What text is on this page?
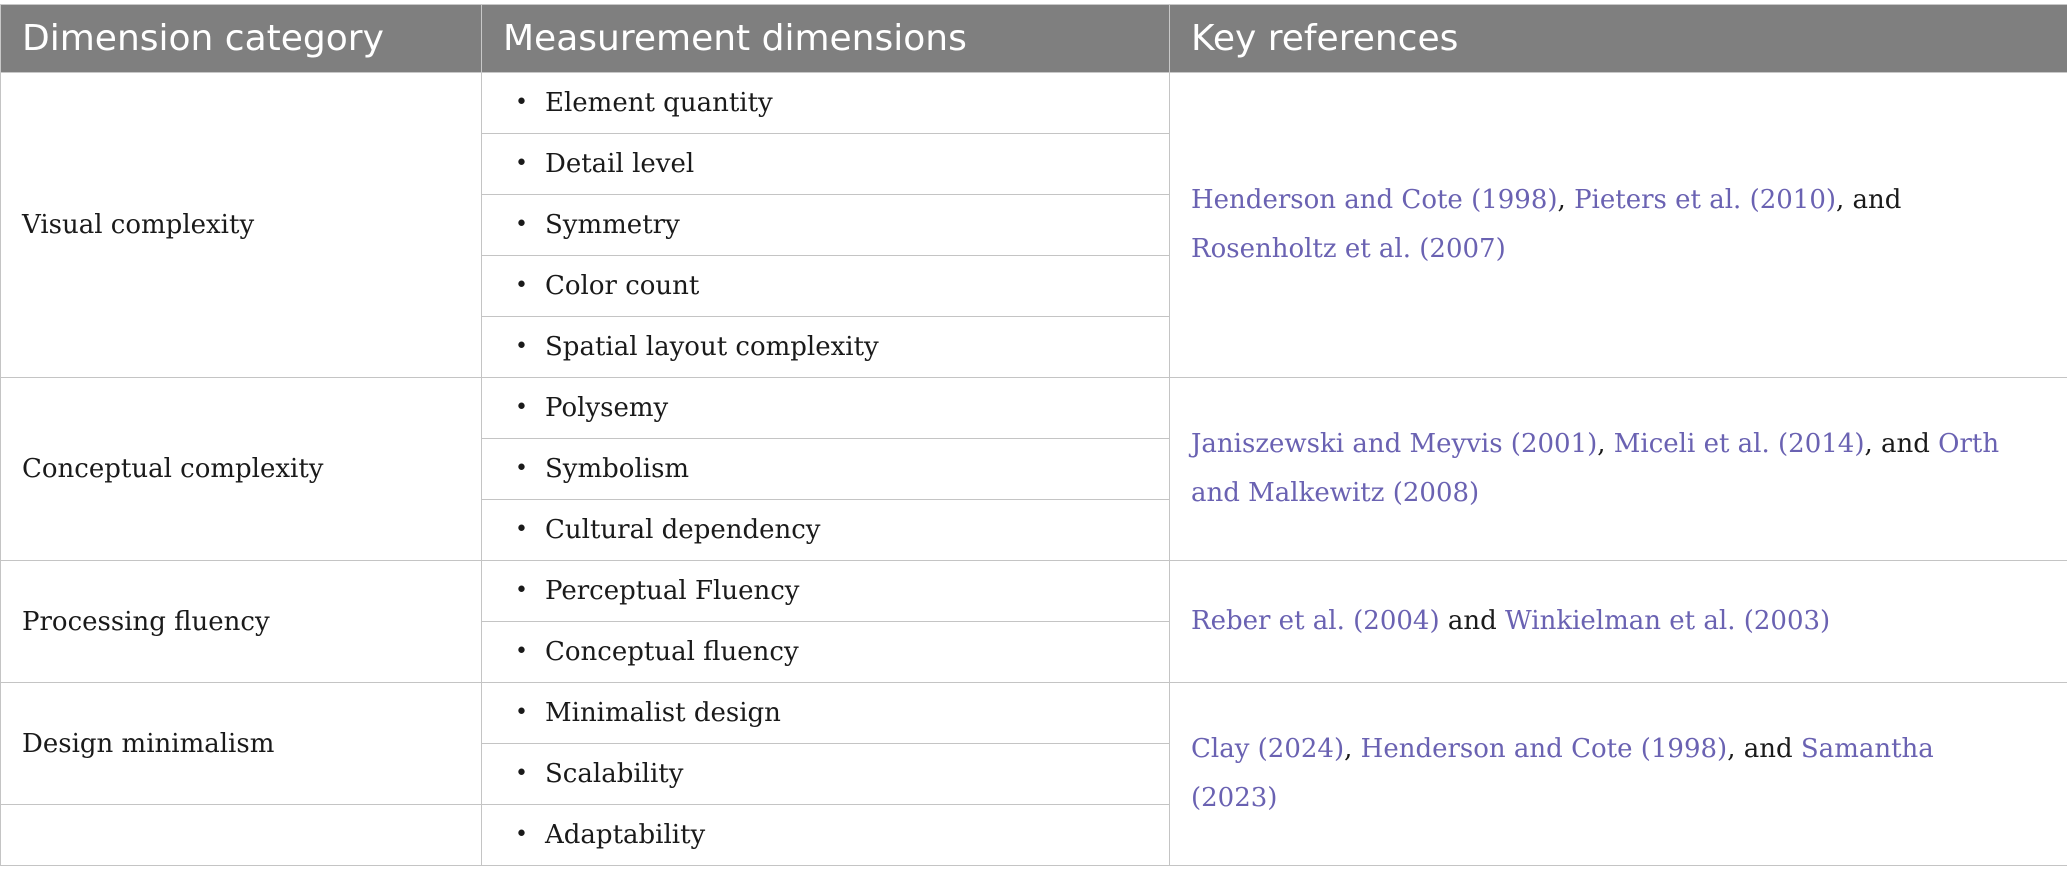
Dimension category	Measurement dimensions	Key references
Visual complexity	• Element quantity	Henderson and Cote (1998), Pieters et al. (2010), and Rosenholtz et al. (2007)
	• Detail level	
	• Symmetry	
	• Color count	
	• Spatial layout complexity	
Conceptual complexity	• Polysemy	Janiszewski and Meyvis (2001), Miceli et al. (2014), and Orth and Malkewitz (2008)
	• Symbolism	
	• Cultural dependency	
Processing fluency	• Perceptual Fluency	Reber et al. (2004) and Winkielman et al. (2003)
	• Conceptual fluency	
Design minimalism	• Minimalist design	Clay (2024), Henderson and Cote (1998), and Samantha (2023)
	• Scalability	
	• Adaptability	
